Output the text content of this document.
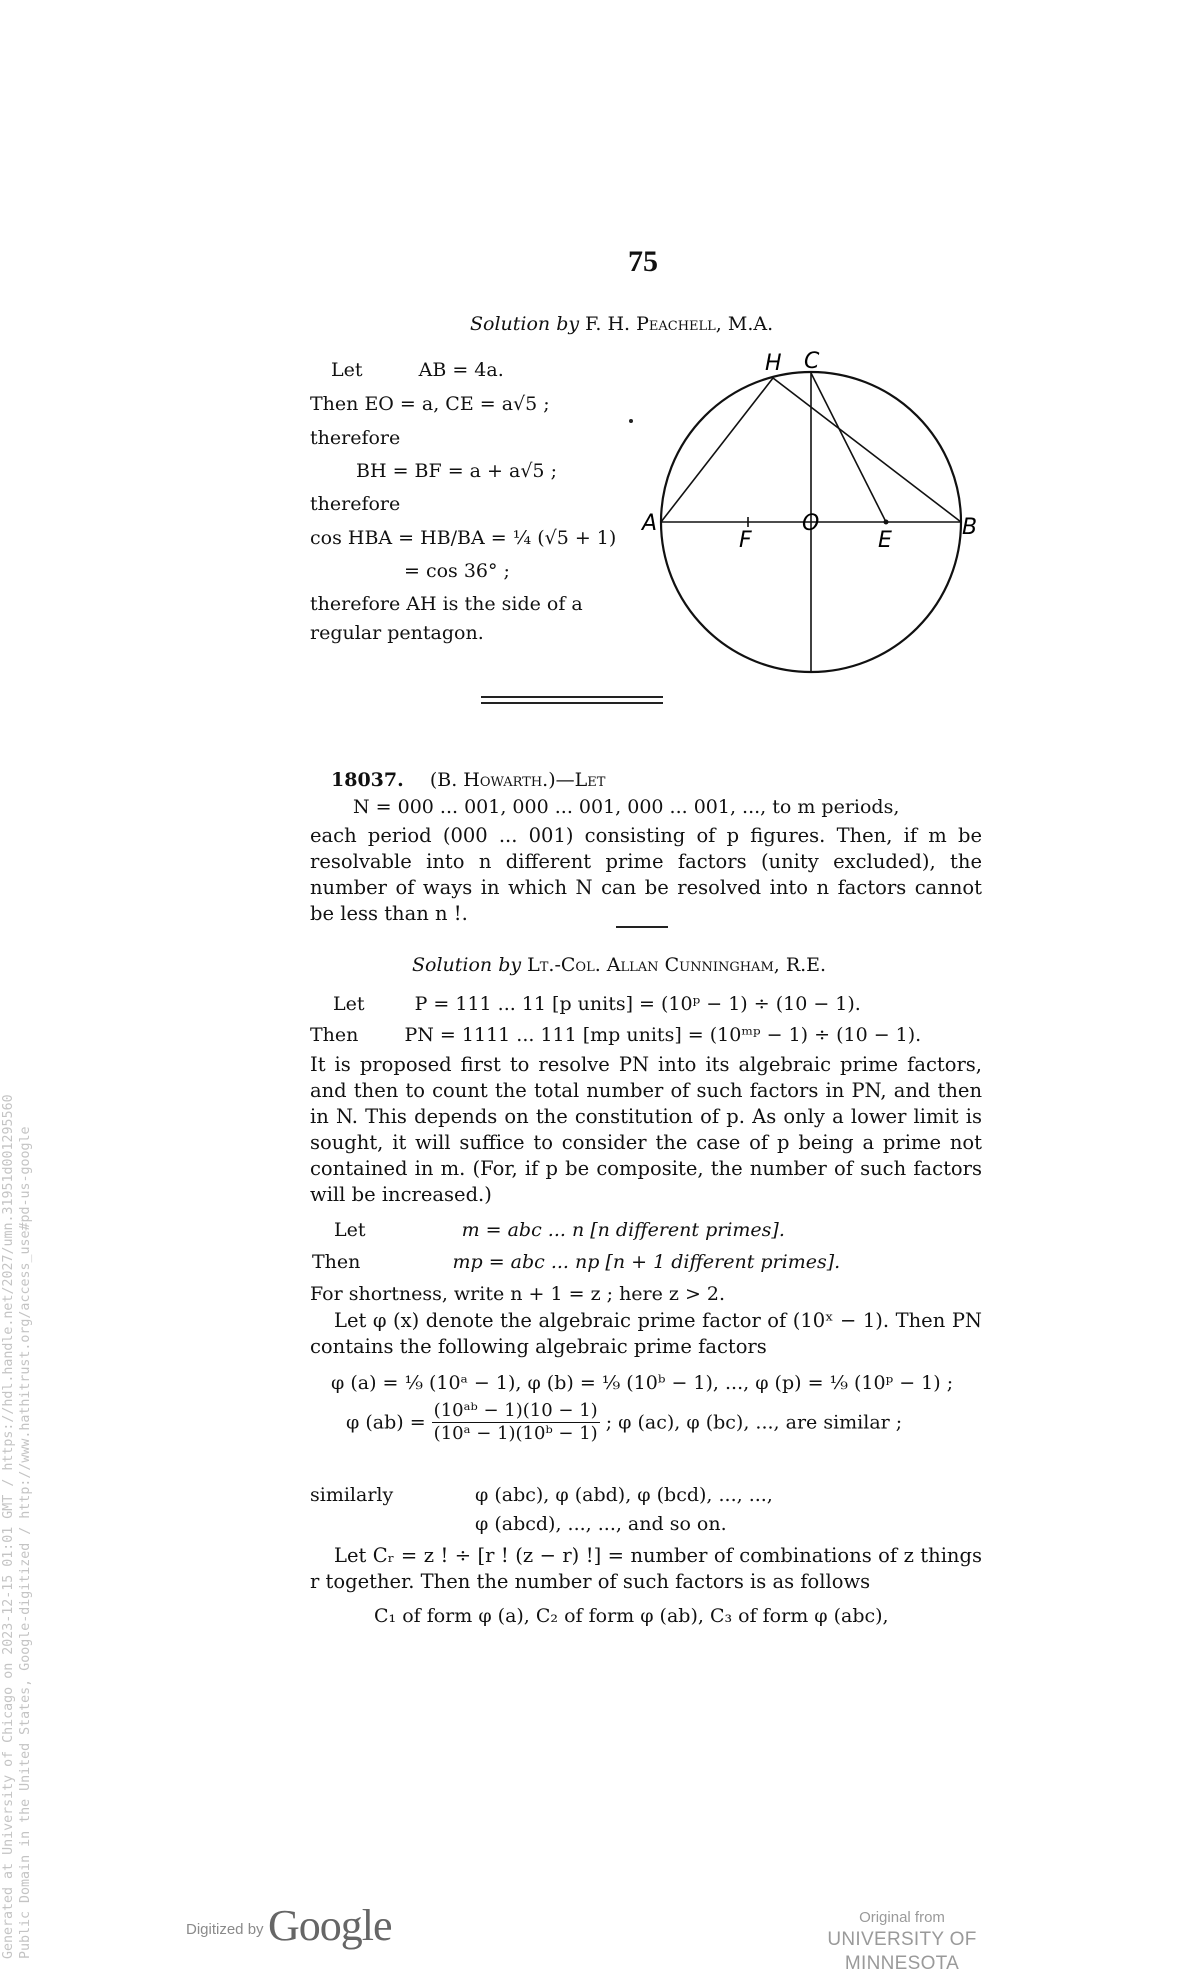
75
Solution by F. H. Peachell, M.A.
Let	AB = 4a.
Then EO = a, CE = a√5 ;
therefore
BH = BF = a + a√5 ;
therefore
cos HBA = HB/BA = ¼ (√5 + 1)
= cos 36° ;
therefore AH is the side of a
regular pentagon.
H C
A
F
O
E
B
18037. (B. Howarth.)—Let
N = 000 ... 001, 000 ... 001, 000 ... 001, ..., to m periods,
each period (000 ... 001) consisting of p figures. Then, if m be resolvable into n different prime factors (unity excluded), the number of ways in which N can be resolved into n factors cannot be less than n !.
Solution by Lt.-Col. Allan Cunningham, R.E.
Let	P = 111 ... 11 [p units] = (10ᵖ − 1) ÷ (10 − 1).
Then PN = 1111 ... 111 [mp units] = (10ᵐᵖ − 1) ÷ (10 − 1).
It is proposed first to resolve PN into its algebraic prime factors, and then to count the total number of such factors in PN, and then in N. This depends on the constitution of p. As only a lower limit is sought, it will suffice to consider the case of p being a prime not contained in m. (For, if p be composite, the number of such factors will be increased.)
Let	m = abc ... n [n different primes].
Then	mp = abc ... np [n + 1 different primes].
For shortness, write n + 1 = z ; here z > 2.
Let φ (x) denote the algebraic prime factor of (10ˣ − 1). Then PN contains the following algebraic prime factors
φ (a) = ⅑ (10ᵃ − 1), φ (b) = ⅑ (10ᵇ − 1), ..., φ (p) = ⅑ (10ᵖ − 1) ;
φ $(ab) = \frac{\text{(10ᵃᵇ − 1)(10 − 1)}}{\text{(10ᵃ − 1)(10ᵇ − 1)}}$ ; φ (ac), φ (bc), ..., are similar ;
similarly	φ (abc), φ (abd), φ (bcd), ..., ...,
φ (abcd), ..., ..., and so on.
Let Cᵣ = z ! ÷ [r ! (z − r) !] = number of combinations of z things r together. Then the number of such factors is as follows
C₁ of form φ (a), C₂ of form φ (ab), C₃ of form φ (abc),
Generated at University of Chicago on 2023-12-15 01:01 GMT / https://hdl.handle.net/2027/umn.31951d001295560 Public Domain in the United States, Google-digitized / http://www.hathitrust.org/access_use#pd-us-google	Digitized by Google	Original from
UNIVERSITY OF MINNESOTA
